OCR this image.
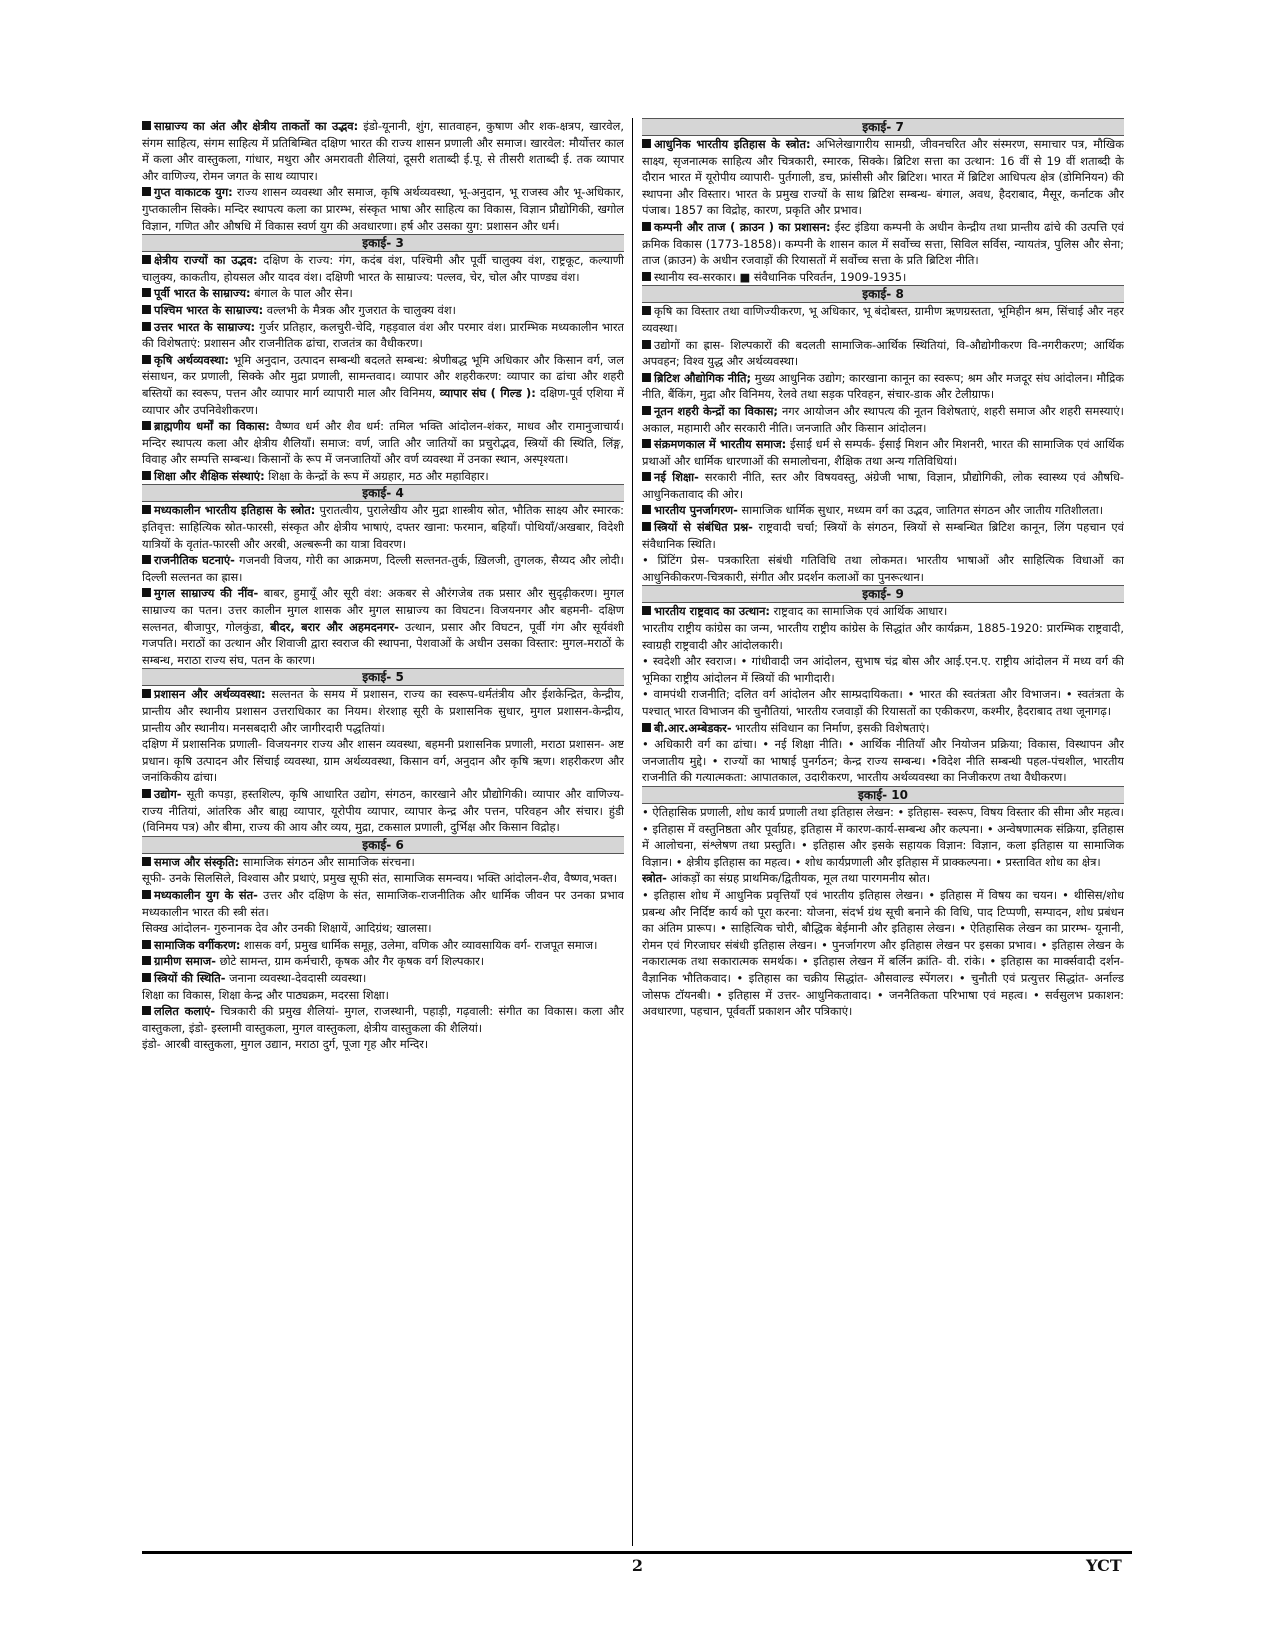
साम्राज्य का अंत और क्षेत्रीय ताकतों का उद्भव: इंडो-यूनानी, शुंग, सातवाहन, कुषाण और शक-क्षत्रप, खारवेल, संगम साहित्य, संगम साहित्य में प्रतिबिम्बित दक्षिण भारत की राज्य शासन प्रणाली और समाज। खारवेल: मौर्योत्तर काल में कला और वास्तुकला, गांधार, मथुरा और अमरावती शैलियां, दूसरी शताब्दी ई.पू. से तीसरी शताब्दी ई. तक व्यापार और वाणिज्य, रोमन जगत के साथ व्यापार।

गुप्त वाकाटक युग: राज्य शासन व्यवस्था और समाज, कृषि अर्थव्यवस्था, भू-अनुदान, भू राजस्व और भू-अधिकार, गुप्तकालीन सिक्के। मन्दिर स्थापत्य कला का प्रारम्भ, संस्कृत भाषा और साहित्य का विकास, विज्ञान प्रौद्योगिकी, खगोल विज्ञान, गणित और औषधि में विकास स्वर्ण युग की अवधारणा। हर्ष और उसका युग: प्रशासन और धर्म।

इकाई- 3

क्षेत्रीय राज्यों का उद्भव: दक्षिण के राज्य: गंग, कदंब वंश, पश्चिमी और पूर्वी चालुक्य वंश, राष्ट्रकूट, कल्याणी चालुक्य, काकतीय, होयसल और यादव वंश। दक्षिणी भारत के साम्राज्य: पल्लव, चेर, चोल और पाण्ड्य वंश।

पूर्वी भारत के साम्राज्य: बंगाल के पाल और सेन।

पश्चिम भारत के साम्राज्य: वल्लभी के मैत्रक और गुजरात के चालुक्य वंश।

उत्तर भारत के साम्राज्य: गुर्जर प्रतिहार, कलचुरी-चेदि, गहड़वाल वंश और परमार वंश। प्रारम्भिक मध्यकालीन भारत की विशेषताएं: प्रशासन और राजनीतिक ढांचा, राजतंत्र का वैधीकरण।

कृषि अर्थव्यवस्था: भूमि अनुदान, उत्पादन सम्बन्धी बदलते सम्बन्ध: श्रेणीबद्ध भूमि अधिकार और किसान वर्ग, जल संसाधन, कर प्रणाली, सिक्के और मुद्रा प्रणाली, सामन्तवाद। व्यापार और शहरीकरण: व्यापार का ढांचा और शहरी बस्तियों का स्वरूप, पत्तन और व्यापार मार्ग व्यापारी माल और विनिमय, व्यापार संघ ( गिल्ड ): दक्षिण-पूर्व एशिया में व्यापार और उपनिवेशीकरण।

ब्राह्मणीय धर्मों का विकास: वैष्णव धर्म और शैव धर्म: तमिल भक्ति आंदोलन-शंकर, माधव और रामानुजाचार्य। मन्दिर स्थापत्य कला और क्षेत्रीय शैलियाँ। समाज: वर्ण, जाति और जातियों का प्रचुरोद्भव, स्त्रियों की स्थिति, लिंङ्ग, विवाह और सम्पत्ति सम्बन्ध। किसानों के रूप में जनजातियों और वर्ण व्यवस्था में उनका स्थान, अस्पृश्यता।

शिक्षा और शैक्षिक संस्थाएं: शिक्षा के केन्द्रों के रूप में अग्रहार, मठ और महाविहार।

इकाई- 4

मध्यकालीन भारतीय इतिहास के स्त्रोत: पुरातत्वीय, पुरालेखीय और मुद्रा शास्त्रीय स्रोत, भौतिक साक्ष्य और स्मारक: इतिवृत्त: साहित्यिक स्रोत-फारसी, संस्कृत और क्षेत्रीय भाषाएं, दफ्तर खाना: फरमान, बहियाँ। पोथियाँ/अखबार, विदेशी यात्रियों के वृतांत-फारसी और अरबी, अल्बरूनी का यात्रा विवरण।

राजनीतिक घटनाएं- गजनवी विजय, गोरी का आक्रमण, दिल्ली सल्तनत-तुर्क, ख़िलजी, तुगलक, सैय्यद और लोदी। दिल्ली सल्तनत का ह्रास।

मुगल साम्राज्य की नींव- बाबर, हुमायूँ और सूरी वंश: अकबर से औरंगजेब तक प्रसार और सुदृढ़ीकरण। मुगल साम्राज्य का पतन। उत्तर कालीन मुगल शासक और मुगल साम्राज्य का विघटन। विजयनगर और बहमनी- दक्षिण सल्तनत, बीजापुर, गोलकुंडा, बीदर, बरार और अहमदनगर- उत्थान, प्रसार और विघटन, पूर्वी गंग और सूर्यवंशी गजपति। मराठों का उत्थान और शिवाजी द्वारा स्वराज की स्थापना, पेशवाओं के अधीन उसका विस्तार: मुगल-मराठों के सम्बन्ध, मराठा राज्य संघ, पतन के कारण।

इकाई- 5

प्रशासन और अर्थव्यवस्था: सल्तनत के समय में प्रशासन, राज्य का स्वरूप-धर्मतंत्रीय और ईशकेन्द्रित, केन्द्रीय, प्रान्तीय और स्थानीय प्रशासन उत्तराधिकार का नियम। शेरशाह सूरी के प्रशासनिक सुधार, मुगल प्रशासन-केन्द्रीय, प्रान्तीय और स्थानीय। मनसबदारी और जागीरदारी पद्धतियां।

दक्षिण में प्रशासनिक प्रणाली- विजयनगर राज्य और शासन व्यवस्था, बहमनी प्रशासनिक प्रणाली, मराठा प्रशासन- अष्ट प्रधान। कृषि उत्पादन और सिंचाई व्यवस्था, ग्राम अर्थव्यवस्था, किसान वर्ग, अनुदान और कृषि ऋण। शहरीकरण और जनांकिकीय ढांचा।

उद्योग- सूती कपड़ा, हस्तशिल्प, कृषि आधारित उद्योग, संगठन, कारखाने और प्रौद्योगिकी। व्यापार और वाणिज्य- राज्य नीतियां, आंतरिक और बाह्य व्यापार, यूरोपीय व्यापार, व्यापार केन्द्र और पत्तन, परिवहन और संचार। हुंडी (विनिमय पत्र) और बीमा, राज्य की आय और व्यय, मुद्रा, टकसाल प्रणाली, दुर्भिक्ष और किसान विद्रोह।

इकाई- 6

समाज और संस्कृति: सामाजिक संगठन और सामाजिक संरचना।

सूफी- उनके सिलसिले, विश्वास और प्रथाएं, प्रमुख सूफी संत, सामाजिक समन्वय। भक्ति आंदोलन-शैव, वैष्णव,भक्त।

मध्यकालीन युग के संत- उत्तर और दक्षिण के संत, सामाजिक-राजनीतिक और धार्मिक जीवन पर उनका प्रभाव मध्यकालीन भारत की स्त्री संत।

सिक्ख आंदोलन- गुरुनानक देव और उनकी शिक्षायें, आदिग्रंथ; खालसा।

सामाजिक वर्गीकरण: शासक वर्ग, प्रमुख धार्मिक समूह, उलेमा, वणिक और व्यावसायिक वर्ग- राजपूत समाज।

ग्रामीण समाज- छोटे सामन्त, ग्राम कर्मचारी, कृषक और गैर कृषक वर्ग शिल्पकार।

स्त्रियों की स्थिति- जनाना व्यवस्था-देवदासी व्यवस्था।

शिक्षा का विकास, शिक्षा केन्द्र और पाठ्यक्रम, मदरसा शिक्षा।

ललित कलाएं- चित्रकारी की प्रमुख शैलियां- मुगल, राजस्थानी, पहाड़ी, गढ़वाली: संगीत का विकास। कला और वास्तुकला, इंडो- इस्लामी वास्तुकला, मुगल वास्तुकला, क्षेत्रीय वास्तुकला की शैलियां।

इंडो- आरबी वास्तुकला, मुगल उद्यान, मराठा दुर्ग, पूजा गृह और मन्दिर।

इकाई- 7

आधुनिक भारतीय इतिहास के स्त्रोत: अभिलेखागारीय सामग्री, जीवनचरित और संस्मरण, समाचार पत्र, मौखिक साक्ष्य, सृजनात्मक साहित्य और चित्रकारी, स्मारक, सिक्के। ब्रिटिश सत्ता का उत्थान: 16 वीं से 19 वीं शताब्दी के दौरान भारत में यूरोपीय व्यापारी- पुर्तगाली, डच, फ्रांसीसी और ब्रिटिश। भारत में ब्रिटिश आधिपत्य क्षेत्र (डोमिनियन) की स्थापना और विस्तार। भारत के प्रमुख राज्यों के साथ ब्रिटिश सम्बन्ध- बंगाल, अवध, हैदराबाद, मैसूर, कर्नाटक और पंजाब। 1857 का विद्रोह, कारण, प्रकृति और प्रभाव।

कम्पनी और ताज ( क्राउन ) का प्रशासन: ईस्ट इंडिया कम्पनी के अधीन केन्द्रीय तथा प्रान्तीय ढांचे की उत्पत्ति एवं क्रमिक विकास (1773-1858)। कम्पनी के शासन काल में सर्वोच्च सत्ता, सिविल सर्विस, न्यायतंत्र, पुलिस और सेना; ताज (क्राउन) के अधीन रजवाड़ों की रियासतों में सर्वोच्च सत्ता के प्रति ब्रिटिश नीति।

स्थानीय स्व-सरकार। ■ संवैधानिक परिवर्तन, 1909-1935।

इकाई- 8

कृषि का विस्तार तथा वाणिज्यीकरण, भू अधिकार, भू बंदोबस्त, ग्रामीण ऋणग्रस्तता, भूमिहीन श्रम, सिंचाई और नहर व्यवस्था।

उद्योगों का ह्रास- शिल्पकारों की बदलती सामाजिक-आर्थिक स्थितियां, वि-औद्योगीकरण वि-नगरीकरण; आर्थिक अपवहन; विश्व युद्ध और अर्थव्यवस्था।

ब्रिटिश औद्योगिक नीति; मुख्य आधुनिक उद्योग; कारखाना कानून का स्वरूप; श्रम और मजदूर संघ आंदोलन। मौद्रिक नीति, बैंकिंग, मुद्रा और विनिमय, रेलवे तथा सड़क परिवहन, संचार-डाक और टेलीग्राफ।

नूतन शहरी केन्द्रों का विकास; नगर आयोजन और स्थापत्य की नूतन विशेषताएं, शहरी समाज और शहरी समस्याएं। अकाल, महामारी और सरकारी नीति। जनजाति और किसान आंदोलन।

संक्रमणकाल में भारतीय समाज: ईसाई धर्म से सम्पर्क- ईसाई मिशन और मिशनरी, भारत की सामाजिक एवं आर्थिक प्रथाओं और धार्मिक धारणाओं की समालोचना, शैक्षिक तथा अन्य गतिविधियां।

नई शिक्षा- सरकारी नीति, स्तर और विषयवस्तु, अंग्रेजी भाषा, विज्ञान, प्रौद्योगिकी, लोक स्वास्थ्य एवं औषधि- आधुनिकतावाद की ओर।

भारतीय पुनर्जागरण- सामाजिक धार्मिक सुधार, मध्यम वर्ग का उद्भव, जातिगत संगठन और जातीय गतिशीलता।

स्त्रियों से संबंधित प्रश्न- राष्ट्रवादी चर्चा; स्त्रियों के संगठन, स्त्रियों से सम्बन्धित ब्रिटिश कानून, लिंग पहचान एवं संवैधानिक स्थिति।

• प्रिंटिंग प्रेस- पत्रकारिता संबंधी गतिविधि तथा लोकमत। भारतीय भाषाओं और साहित्यिक विधाओं का आधुनिकीकरण-चित्रकारी, संगीत और प्रदर्शन कलाओं का पुनरूत्थान।

इकाई- 9

भारतीय राष्ट्रवाद का उत्थान: राष्ट्रवाद का सामाजिक एवं आर्थिक आधार।

भारतीय राष्ट्रीय कांग्रेस का जन्म, भारतीय राष्ट्रीय कांग्रेस के सिद्धांत और कार्यक्रम, 1885-1920: प्रारम्भिक राष्ट्रवादी, स्वाग्रही राष्ट्रवादी और आंदोलकारी।

• स्वदेशी और स्वराज। • गांधीवादी जन आंदोलन, सुभाष चंद्र बोस और आई.एन.ए. राष्ट्रीय आंदोलन में मध्य वर्ग की भूमिका राष्ट्रीय आंदोलन में स्त्रियों की भागीदारी।

• वामपंथी राजनीति; दलित वर्ग आंदोलन और साम्प्रदायिकता। • भारत की स्वतंत्रता और विभाजन। • स्वतंत्रता के पश्चात् भारत विभाजन की चुनौतियां, भारतीय रजवाड़ों की रियासतों का एकीकरण, कश्मीर, हैदराबाद तथा जूनागढ़।

बी.आर.अम्बेडकर- भारतीय संविधान का निर्माण, इसकी विशेषताएं।

• अधिकारी वर्ग का ढांचा। • नई शिक्षा नीति। • आर्थिक नीतियाँ और नियोजन प्रक्रिया; विकास, विस्थापन और जनजातीय मुद्दे। • राज्यों का भाषाई पुनर्गठन; केन्द्र राज्य सम्बन्ध। •विदेश नीति सम्बन्धी पहल-पंचशील, भारतीय राजनीति की गत्यात्मकता: आपातकाल, उदारीकरण, भारतीय अर्थव्यवस्था का निजीकरण तथा वैधीकरण।

इकाई- 10

• ऐतिहासिक प्रणाली, शोध कार्य प्रणाली तथा इतिहास लेखन: • इतिहास- स्वरूप, विषय विस्तार की सीमा और महत्व। • इतिहास में वस्तुनिष्ठता और पूर्वाग्रह, इतिहास में कारण-कार्य-सम्बन्ध और कल्पना। • अन्वेषणात्मक संक्रिया, इतिहास में आलोचना, संश्लेषण तथा प्रस्तुति। • इतिहास और इसके सहायक विज्ञान: विज्ञान, कला इतिहास या सामाजिक विज्ञान। • क्षेत्रीय इतिहास का महत्व। • शोध कार्यप्रणाली और इतिहास में प्राक्कल्पना। • प्रस्तावित शोध का क्षेत्र।

स्त्रोत- आंकड़ों का संग्रह प्राथमिक/द्वितीयक, मूल तथा पारगमनीय स्रोत।

• इतिहास शोध में आधुनिक प्रवृत्तियाँ एवं भारतीय इतिहास लेखन। • इतिहास में विषय का चयन। • थीसिस/शोध प्रबन्ध और निर्दिष्ट कार्य को पूरा करना: योजना, संदर्भ ग्रंथ सूची बनाने की विधि, पाद टिप्पणी, सम्पादन, शोध प्रबंधन का अंतिम प्रारूप। • साहित्यिक चोरी, बौद्धिक बेईमानी और इतिहास लेखन। • ऐतिहासिक लेखन का प्रारम्भ- यूनानी, रोमन एवं गिरजाघर संबंधी इतिहास लेखन। • पुनर्जागरण और इतिहास लेखन पर इसका प्रभाव। • इतिहास लेखन के नकारात्मक तथा सकारात्मक समर्थक। • इतिहास लेखन में बर्लिन क्रांति- वी. रांके। • इतिहास का मार्क्सवादी दर्शन- वैज्ञानिक भौतिकवाद। • इतिहास का चक्रीय सिद्धांत- औसवाल्ड स्पेंगलर। • चुनौती एवं प्रत्युत्तर सिद्धांत- अर्नाल्ड जोसफ टॉयनबी। • इतिहास में उत्तर- आधुनिकतावाद। • जननैतिकता परिभाषा एवं महत्व। • सर्वसुलभ प्रकाशन: अवधारणा, पहचान, पूर्ववर्ती प्रकाशन और पत्रिकाएं।

2	YCT
